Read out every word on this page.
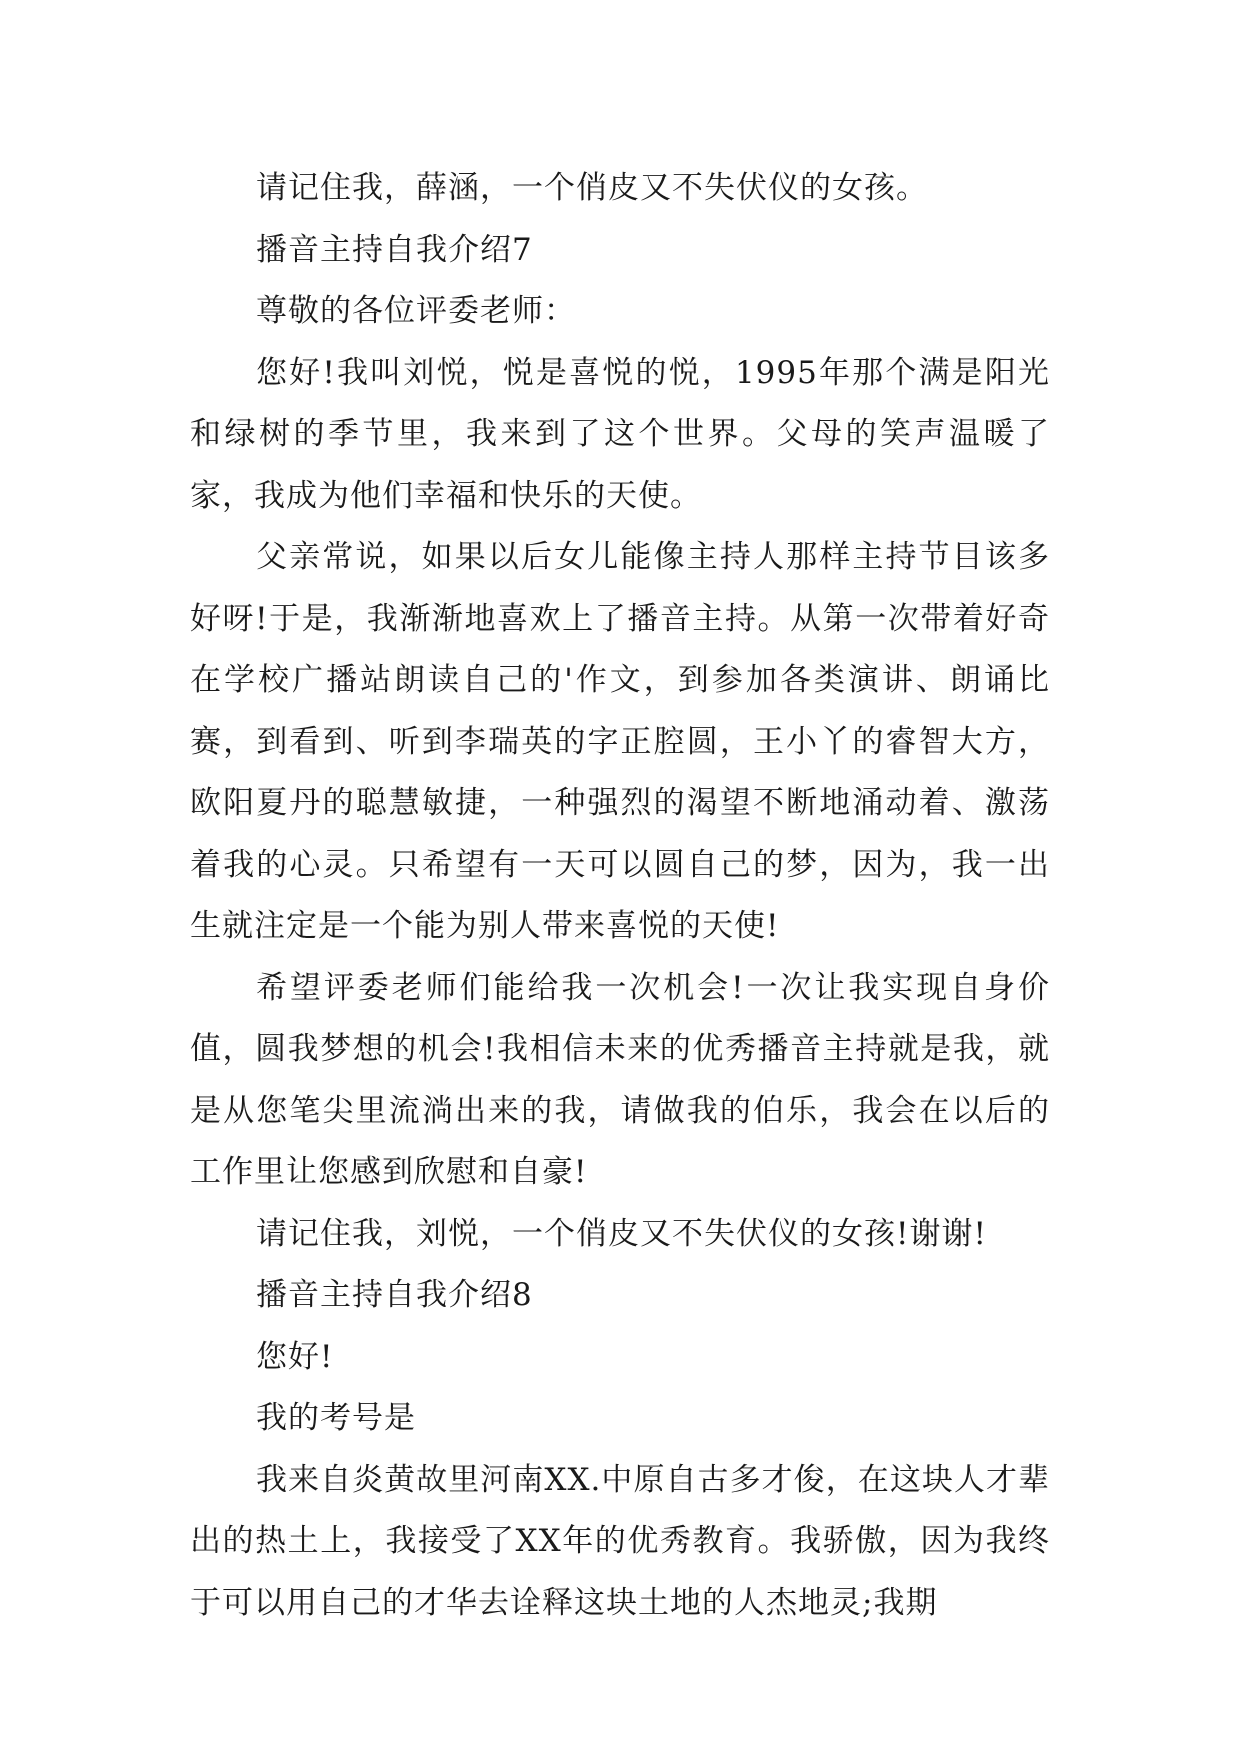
请记住我，薛涵，一个俏皮又不失伏仪的女孩。

播音主持自我介绍7

尊敬的各位评委老师：

您好!我叫刘悦，悦是喜悦的悦，1995年那个满是阳光和绿树的季节里，我来到了这个世界。父母的笑声温暖了家，我成为他们幸福和快乐的天使。

父亲常说，如果以后女儿能像主持人那样主持节目该多好呀!于是，我渐渐地喜欢上了播音主持。从第一次带着好奇在学校广播站朗读自己的'作文，到参加各类演讲、朗诵比赛，到看到、听到李瑞英的字正腔圆，王小丫的睿智大方，欧阳夏丹的聪慧敏捷，一种强烈的渴望不断地涌动着、激荡着我的心灵。只希望有一天可以圆自己的梦，因为，我一出生就注定是一个能为别人带来喜悦的天使!

希望评委老师们能给我一次机会!一次让我实现自身价值，圆我梦想的机会!我相信未来的优秀播音主持就是我，就是从您笔尖里流淌出来的我，请做我的伯乐，我会在以后的工作里让您感到欣慰和自豪!

请记住我，刘悦，一个俏皮又不失伏仪的女孩!谢谢!

播音主持自我介绍8

您好!

我的考号是

我来自炎黄故里河南XX.中原自古多才俊，在这块人才辈出的热土上，我接受了XX年的优秀教育。我骄傲，因为我终于可以用自己的才华去诠释这块土地的人杰地灵;我期
